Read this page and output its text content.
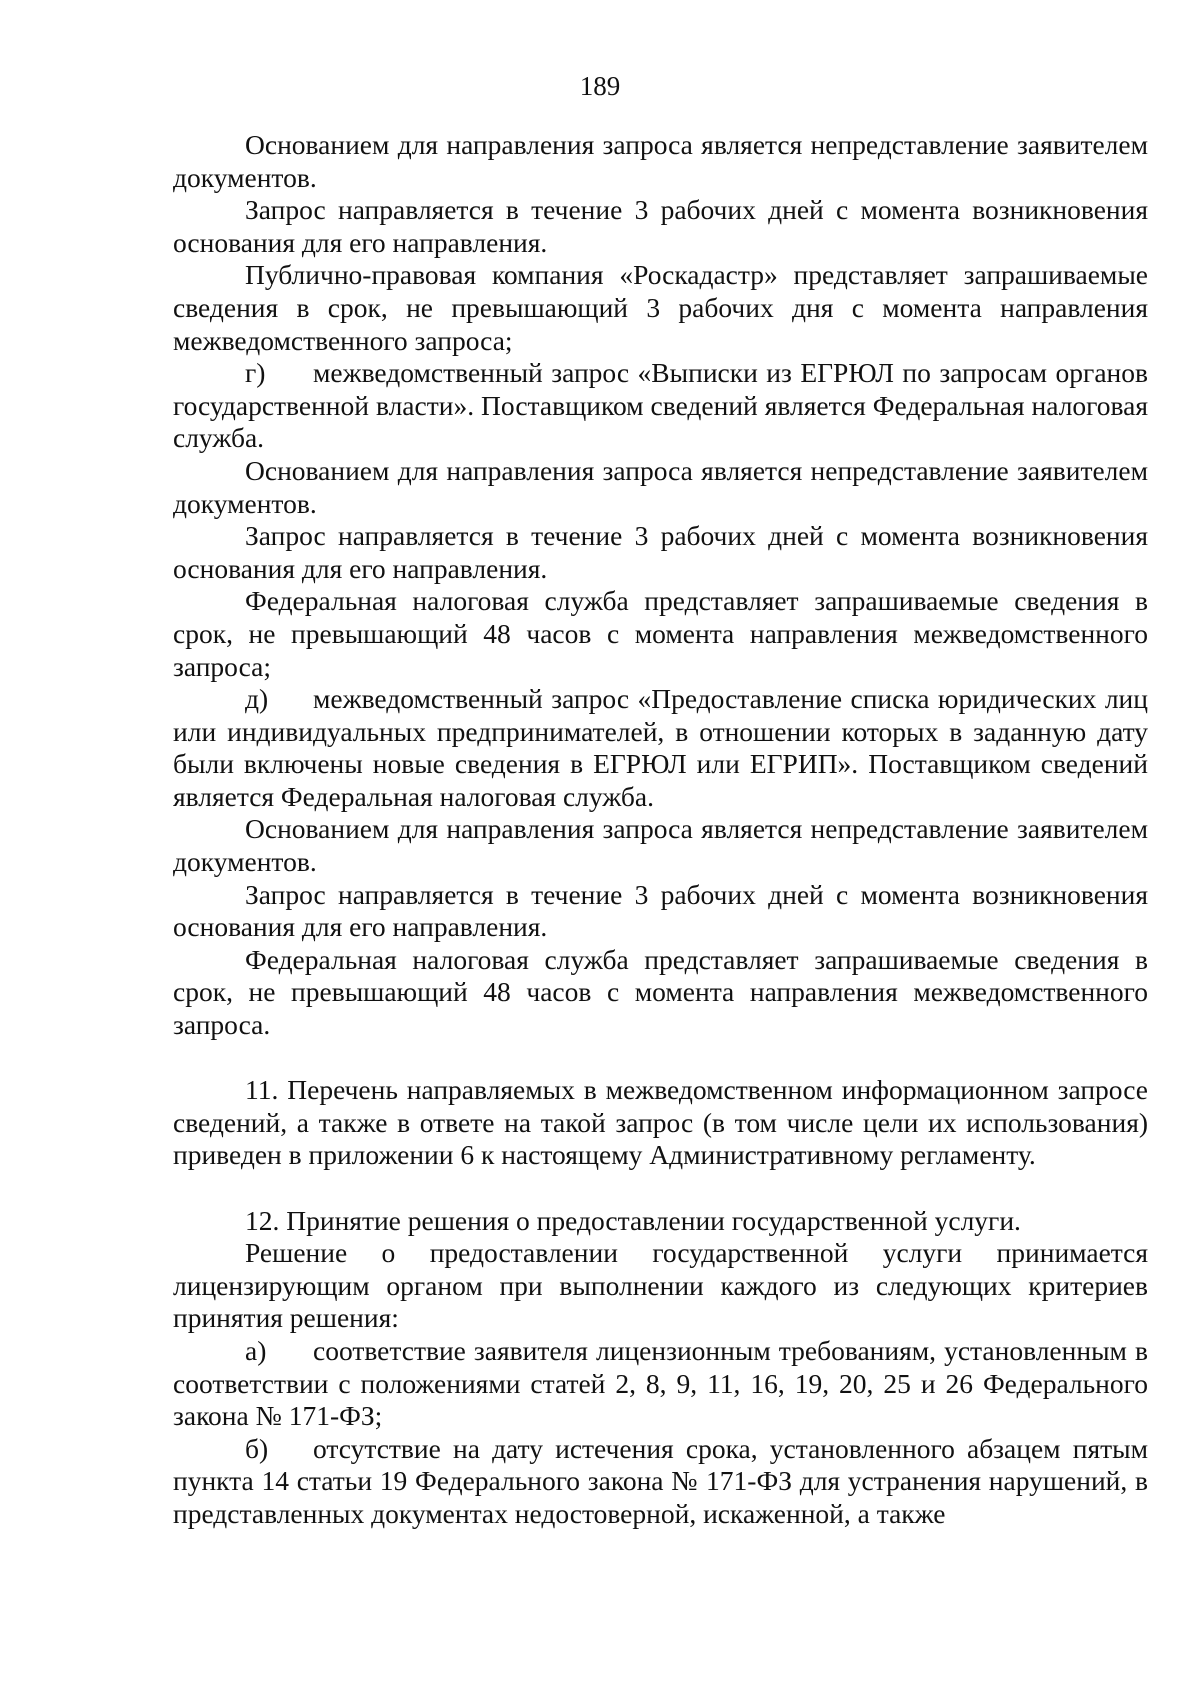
189

Основанием для направления запроса является непредставление заявителем документов.

Запрос направляется в течение 3 рабочих дней с момента возникновения основания для его направления.

Публично-правовая компания «Роскадастр» представляет запрашиваемые сведения в срок, не превышающий 3 рабочих дня с момента направления межведомственного запроса;

г) межведомственный запрос «Выписки из ЕГРЮЛ по запросам органов государственной власти». Поставщиком сведений является Федеральная налоговая служба.

Основанием для направления запроса является непредставление заявителем документов.

Запрос направляется в течение 3 рабочих дней с момента возникновения основания для его направления.

Федеральная налоговая служба представляет запрашиваемые сведения в срок, не превышающий 48 часов с момента направления межведомственного запроса;

д) межведомственный запрос «Предоставление списка юридических лиц или индивидуальных предпринимателей, в отношении которых в заданную дату были включены новые сведения в ЕГРЮЛ или ЕГРИП». Поставщиком сведений является Федеральная налоговая служба.

Основанием для направления запроса является непредставление заявителем документов.

Запрос направляется в течение 3 рабочих дней с момента возникновения основания для его направления.

Федеральная налоговая служба представляет запрашиваемые сведения в срок, не превышающий 48 часов с момента направления межведомственного запроса.

11. Перечень направляемых в межведомственном информационном запросе сведений, а также в ответе на такой запрос (в том числе цели их использования) приведен в приложении 6 к настоящему Административному регламенту.

12. Принятие решения о предоставлении государственной услуги.

Решение о предоставлении государственной услуги принимается лицензирующим органом при выполнении каждого из следующих критериев принятия решения:

а) соответствие заявителя лицензионным требованиям, установленным в соответствии с положениями статей 2, 8, 9, 11, 16, 19, 20, 25 и 26 Федерального закона № 171-ФЗ;

б) отсутствие на дату истечения срока, установленного абзацем пятым пункта 14 статьи 19 Федерального закона № 171-ФЗ для устранения нарушений, в представленных документах недостоверной, искаженной, а также
